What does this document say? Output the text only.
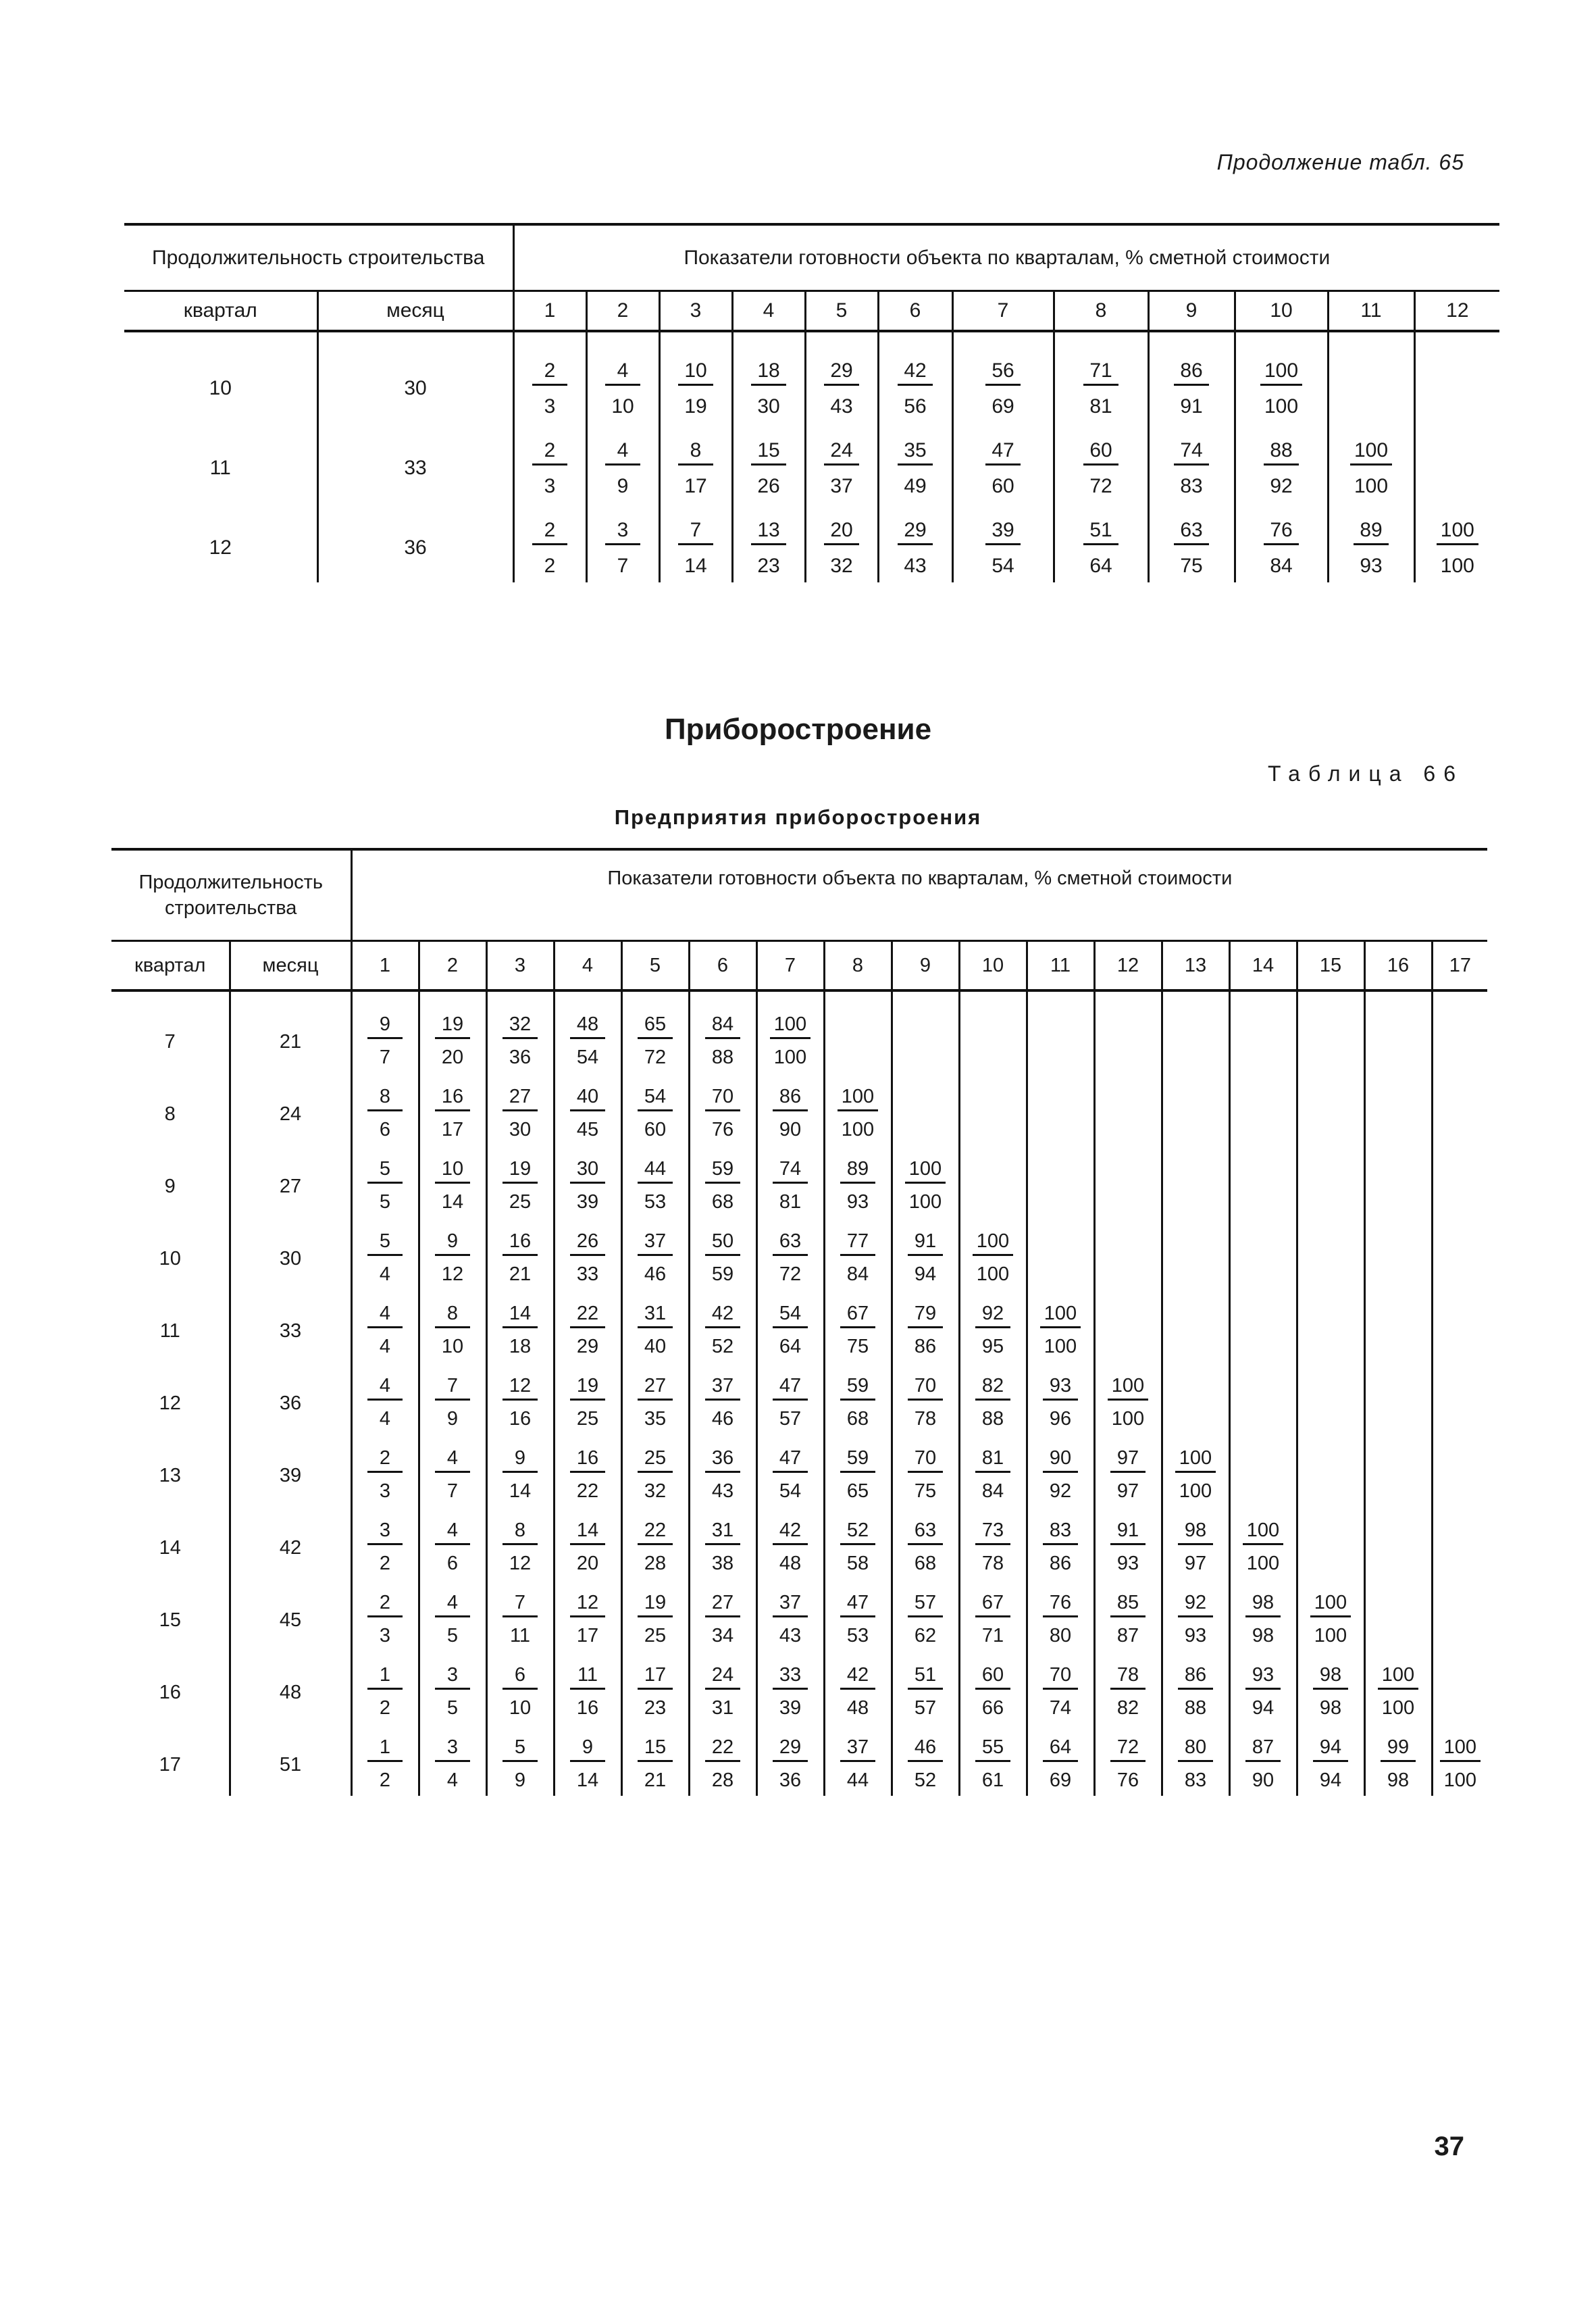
Продолжение табл. 65
Продолжительность строительства		Показатели готовности объекта по кварталам, % сметной стоимости											
квартал	месяц	1	2	3	4	5	6	7	8	9	10	11	12

10	30	2	4	10	18	29	42	56	71	86	100		
		3	10	19	30	43	56	69	81	91	100		

11	33	2	4	8	15	24	35	47	60	74	88	100	
		3	9	17	26	37	49	60	72	83	92	100	

12	36	2	3	7	13	20	29	39	51	63	76	89	100
		2	7	14	23	32	43	54	64	75	84	93	100
Приборостроение
Таблица 66
Предприятия приборостроения
Продолжительность строительства		Показатели готовности объекта по кварталам, % сметной стоимости																
квартал	месяц	1	2	3	4	5	6	7	8	9	10	11	12	13	14	15	16	17

7	21	9	19	32	48	65	84	100										
		7	20	36	54	72	88	100										

8	24	8	16	27	40	54	70	86	100									
		6	17	30	45	60	76	90	100									

9	27	5	10	19	30	44	59	74	89	100								
		5	14	25	39	53	68	81	93	100								

10	30	5	9	16	26	37	50	63	77	91	100							
		4	12	21	33	46	59	72	84	94	100							

11	33	4	8	14	22	31	42	54	67	79	92	100						
		4	10	18	29	40	52	64	75	86	95	100						

12	36	4	7	12	19	27	37	47	59	70	82	93	100					
		4	9	16	25	35	46	57	68	78	88	96	100					

13	39	2	4	9	16	25	36	47	59	70	81	90	97	100				
		3	7	14	22	32	43	54	65	75	84	92	97	100				

14	42	3	4	8	14	22	31	42	52	63	73	83	91	98	100			
		2	6	12	20	28	38	48	58	68	78	86	93	97	100			

15	45	2	4	7	12	19	27	37	47	57	67	76	85	92	98	100		
		3	5	11	17	25	34	43	53	62	71	80	87	93	98	100		

16	48	1	3	6	11	17	24	33	42	51	60	70	78	86	93	98	100	
		2	5	10	16	23	31	39	48	57	66	74	82	88	94	98	100	

17	51	1	3	5	9	15	22	29	37	46	55	64	72	80	87	94	99	100
		2	4	9	14	21	28	36	44	52	61	69	76	83	90	94	98	100
37
